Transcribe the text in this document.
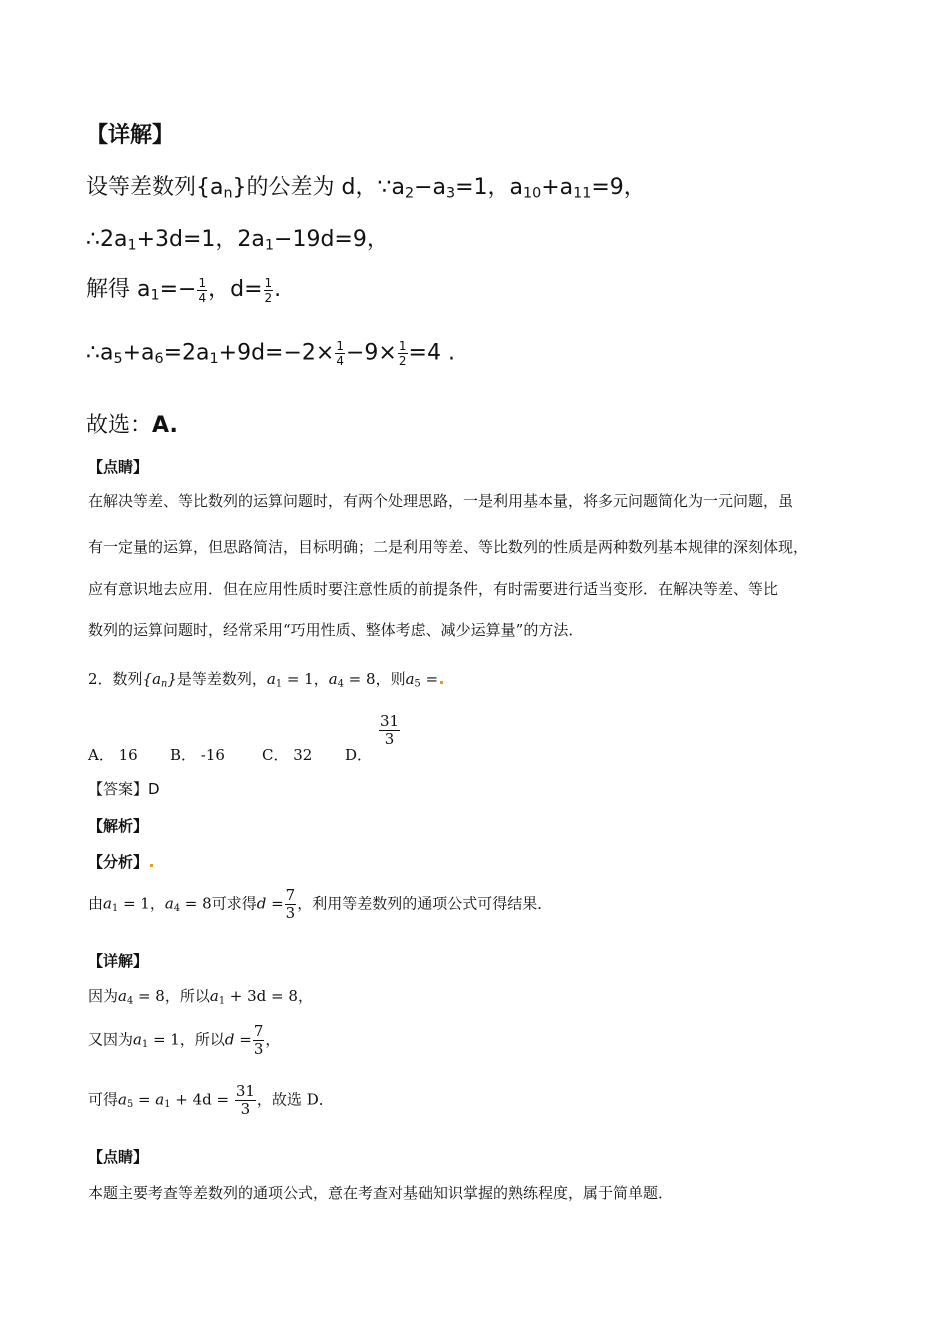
【详解】
设等差数列$\{a_n\}$的公差为 d，$\because a_2-a_3=1$，$a_{10}+a_{11}=9$，
$\therefore 2a_1+3d=1$，$2a_1-19d=9$，
解得 $a_1=- \frac{1}{4}$ ，$d= \frac{1}{2}$ .
$\therefore a_5+a_6=2a_1+9d=-2\times \frac{1}{4} -9\times \frac{1}{2} =4$ .
故选：A.
【点睛】
在解决等差、等比数列的运算问题时，有两个处理思路，一是利用基本量，将多元问题简化为一元问题，虽
有一定量的运算，但思路简洁，目标明确；二是利用等差、等比数列的性质是两种数列基本规律的深刻体现，
应有意识地去应用．但在应用性质时要注意性质的前提条件，有时需要进行适当变形．在解决等差、等比
数列的运算问题时，经常采用“巧用性质、整体考虑、减少运算量”的方法．
2．数列$\{a_n\}$是等差数列，$a_1 = 1$，$a_4 = 8$，则$a_5$ =
A． 16 B． -16 C． 32 D．
$\frac{31}{3}$
【答案】D
【解析】
【分析】
由$a_1 = 1$，$a_4 = 8$可求得$d = \frac{7}{3}$ ，利用等差数列的通项公式可得结果．
【详解】
因为$a_4 = 8$，所以$a_1 + 3d = 8$，
又因为$a_1 = 1$，所以$d = \frac{7}{3}$ ，
可得$a_5 = a_1 + 4d = \frac{31}{3}$ ，故选 D．
【点睛】
本题主要考查等差数列的通项公式，意在考查对基础知识掌握的熟练程度，属于简单题．
